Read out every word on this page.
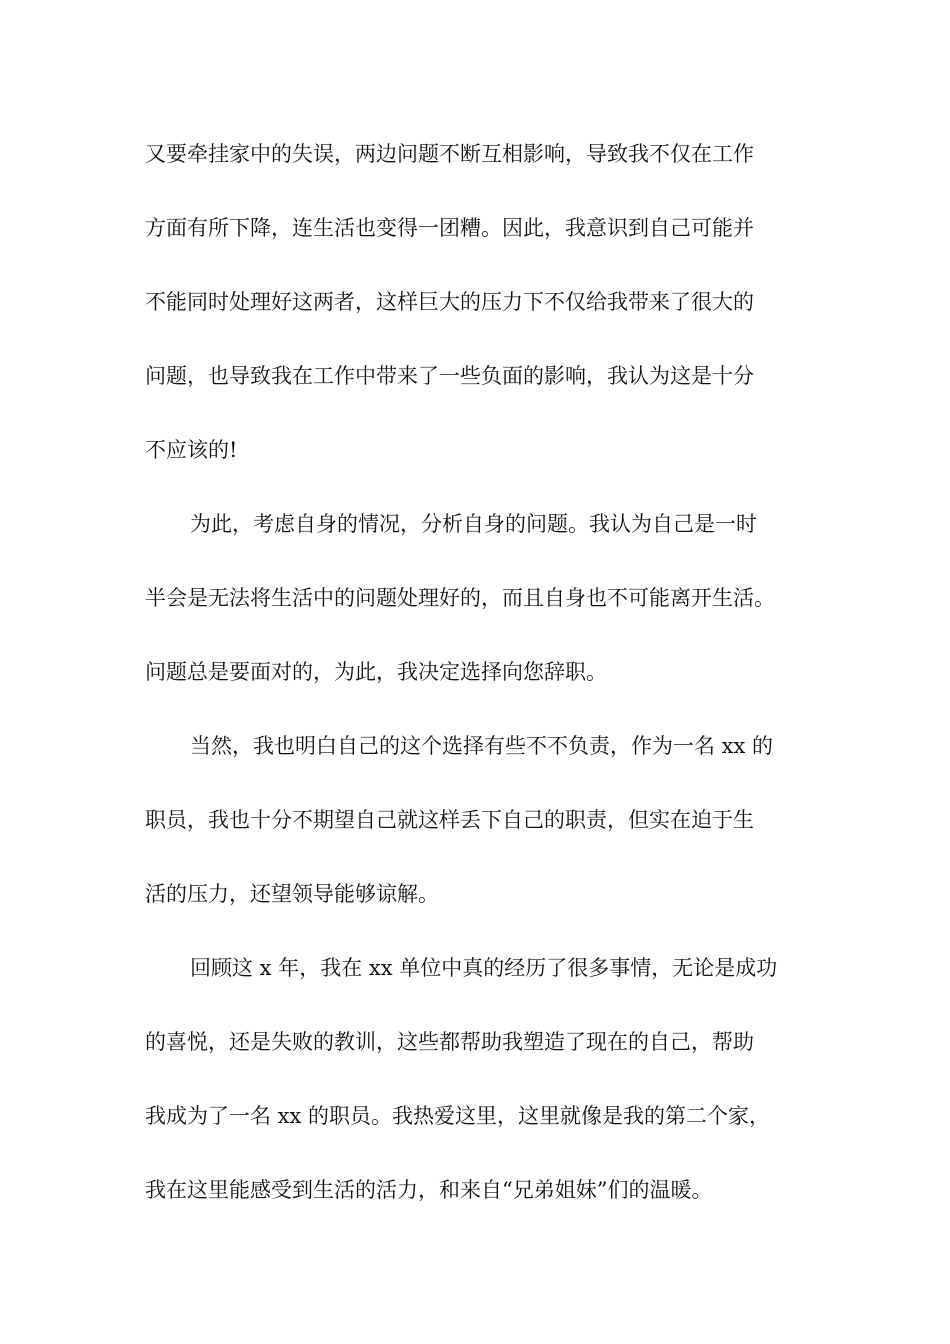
又要牵挂家中的失误，两边问题不断互相影响，导致我不仅在工作
方面有所下降，连生活也变得一团糟。因此，我意识到自己可能并
不能同时处理好这两者，这样巨大的压力下不仅给我带来了很大的
问题，也导致我在工作中带来了一些负面的影响，我认为这是十分
不应该的!
为此，考虑自身的情况，分析自身的问题。我认为自己是一时
半会是无法将生活中的问题处理好的，而且自身也不可能离开生活。
问题总是要面对的，为此，我决定选择向您辞职。
当然，我也明白自己的这个选择有些不不负责，作为一名 xx 的
职员，我也十分不期望自己就这样丢下自己的职责，但实在迫于生
活的压力，还望领导能够谅解。
回顾这 x 年，我在 xx 单位中真的经历了很多事情，无论是成功
的喜悦，还是失败的教训，这些都帮助我塑造了现在的自己，帮助
我成为了一名 xx 的职员。我热爱这里，这里就像是我的第二个家，
我在这里能感受到生活的活力，和来自“兄弟姐妹”们的温暖。
